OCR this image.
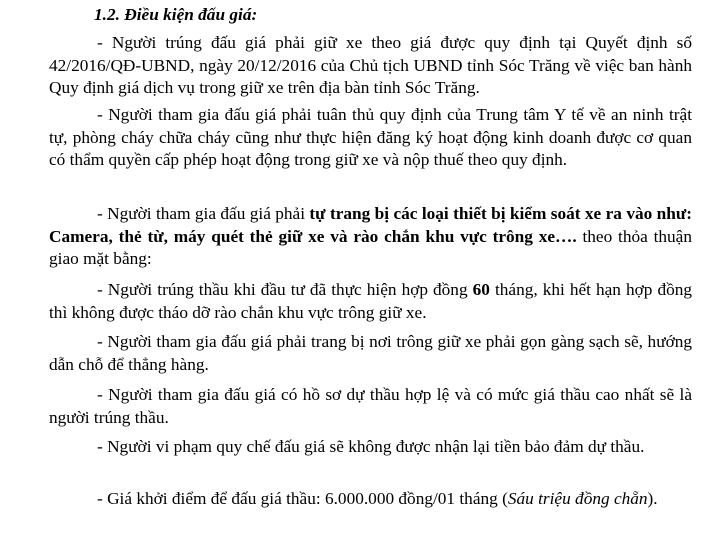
1.2. Điều kiện đấu giá:

- Người trúng đấu giá phải giữ xe theo giá được quy định tại Quyết định số 42/2016/QĐ-UBND, ngày 20/12/2016 của Chủ tịch UBND tỉnh Sóc Trăng về việc ban hành Quy định giá dịch vụ trong giữ xe trên địa bàn tỉnh Sóc Trăng.

- Người tham gia đấu giá phải tuân thủ quy định của Trung tâm Y tế về an ninh trật tự, phòng cháy chữa cháy cũng như thực hiện đăng ký hoạt động kinh doanh được cơ quan có thẩm quyền cấp phép hoạt động trong giữ xe và nộp thuế theo quy định.

- Người tham gia đấu giá phải tự trang bị các loại thiết bị kiểm soát xe ra vào như: Camera, thẻ từ, máy quét thẻ giữ xe và rào chắn khu vực trông xe…. theo thỏa thuận giao mặt bằng:

- Người trúng thầu khi đầu tư đã thực hiện hợp đồng 60 tháng, khi hết hạn hợp đồng thì không được tháo dỡ rào chắn khu vực trông giữ xe.

- Người tham gia đấu giá phải trang bị nơi trông giữ xe phải gọn gàng sạch sẽ, hướng dẫn chỗ để thẳng hàng.

- Người tham gia đấu giá có hồ sơ dự thầu hợp lệ và có mức giá thầu cao nhất sẽ là người trúng thầu.

- Người vi phạm quy chế đấu giá sẽ không được nhận lại tiền bảo đảm dự thầu.

- Giá khởi điểm để đấu giá thầu: 6.000.000 đồng/01 tháng (Sáu triệu đồng chẵn).
